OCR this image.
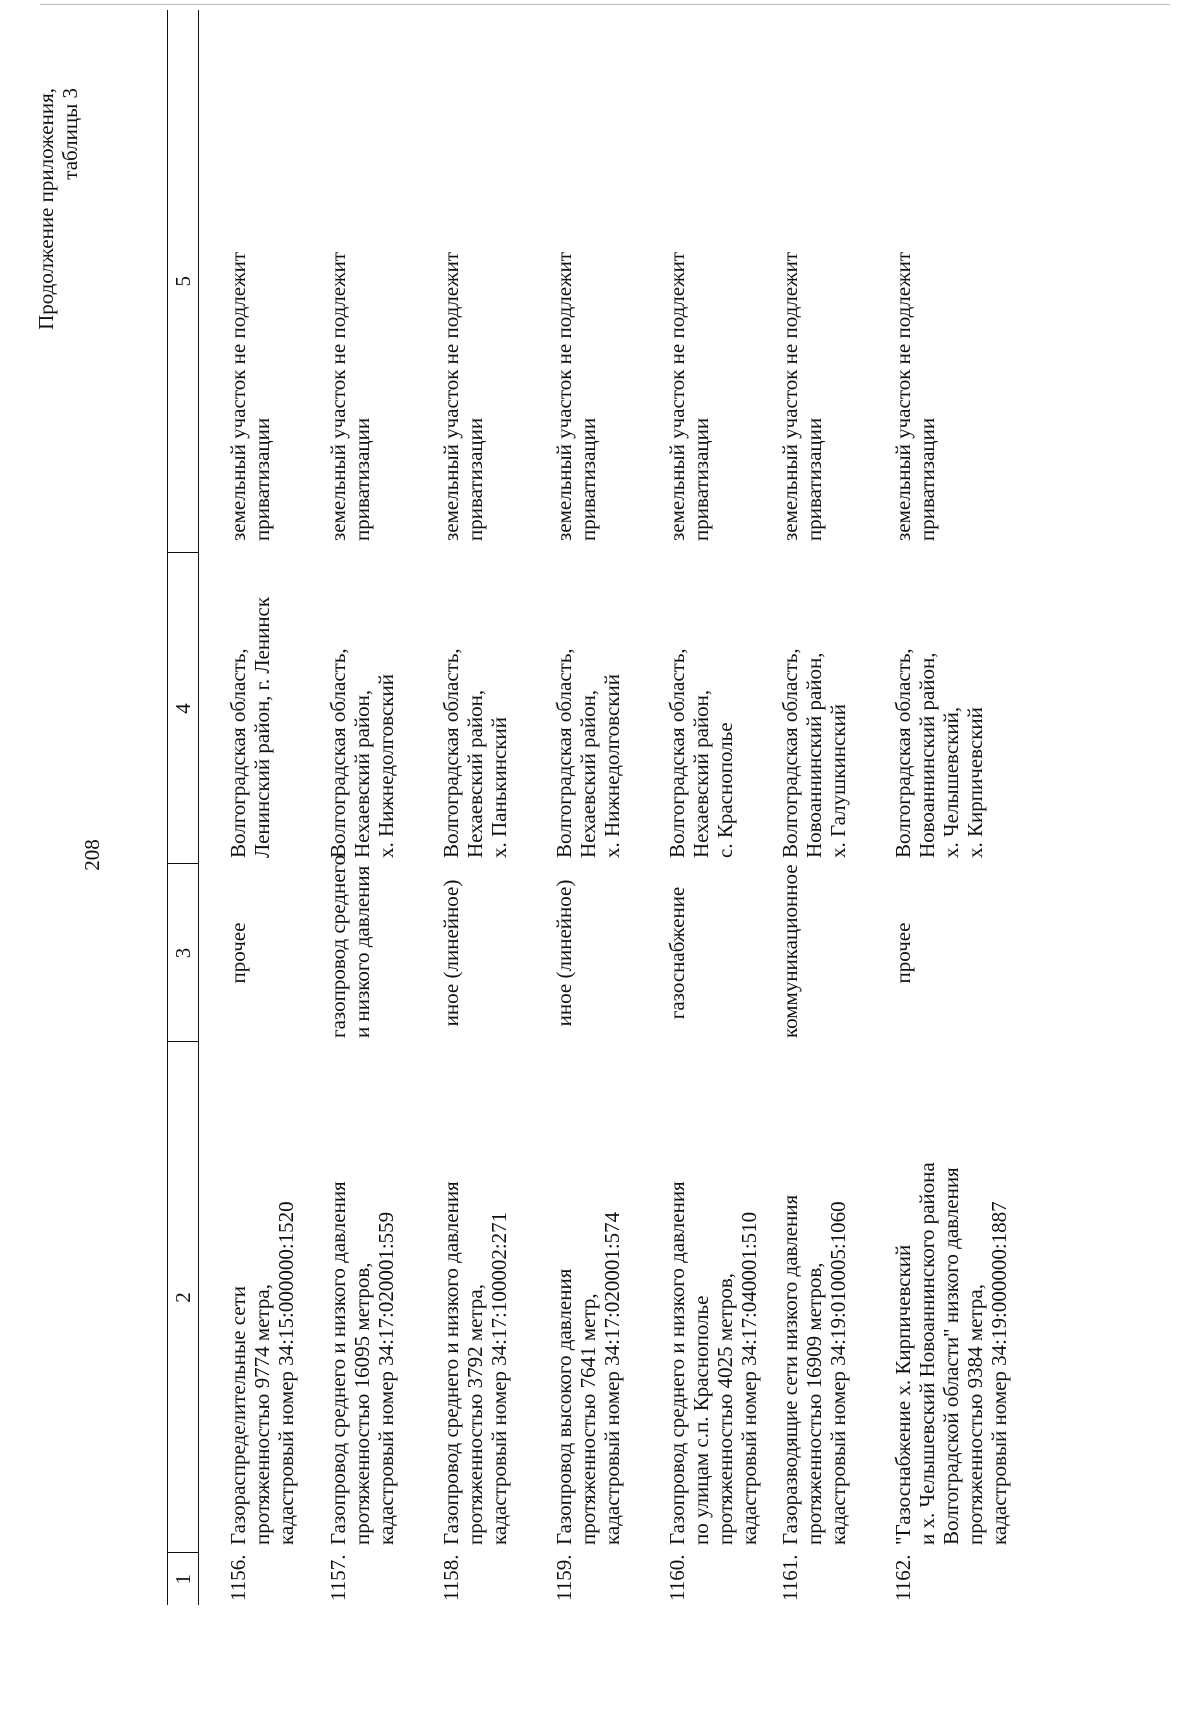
208
Продолжение приложения, таблицы 3
1	2	3	4	5
1156.	Газораспределительные сети протяженностью 9774 метра, кадастровый номер 34:15:000000:1520	прочее	Волгоградская область, Ленинский район, г. Ленинск	земельный участок не подлежит приватизации

1157.	Газопровод среднего и низкого давления протяженностью 16095 метров, кадастровый номер 34:17:020001:559	газопровод среднего и низкого давления	Волгоградская область, Нехаевский район, х. Нижнедолговский	земельный участок не подлежит приватизации

1158.	Газопровод среднего и низкого давления протяженностью 3792 метра, кадастровый номер 34:17:100002:271	иное (линейное)	Волгоградская область, Нехаевский район, х. Панькинский	земельный участок не подлежит приватизации

1159.	Газопровод высокого давления протяженностью 7641 метр, кадастровый номер 34:17:020001:574	иное (линейное)	Волгоградская область, Нехаевский район, х. Нижнедолговский	земельный участок не подлежит приватизации

1160.	Газопровод среднего и низкого давления по улицам с.п. Краснополье протяженностью 4025 метров, кадастровый номер 34:17:040001:510	газоснабжение	Волгоградская область, Нехаевский район, с. Краснополье	земельный участок не подлежит приватизации

1161.	Газоразводящие сети низкого давления протяженностью 16909 метров, кадастровый номер 34:19:010005:1060	коммуникационное	Волгоградская область, Новоаннинский район, х. Галушкинский	земельный участок не подлежит приватизации

1162.	"Газоснабжение х. Кирпичевский и х. Челышевский Новоаннинского района Волгоградской области" низкого давления протяженностью 9384 метра, кадастровый номер 34:19:000000:1887	прочее	Волгоградская область, Новоаннинский район, х. Челышевский, х. Кирпичевский	земельный участок не подлежит приватизации
